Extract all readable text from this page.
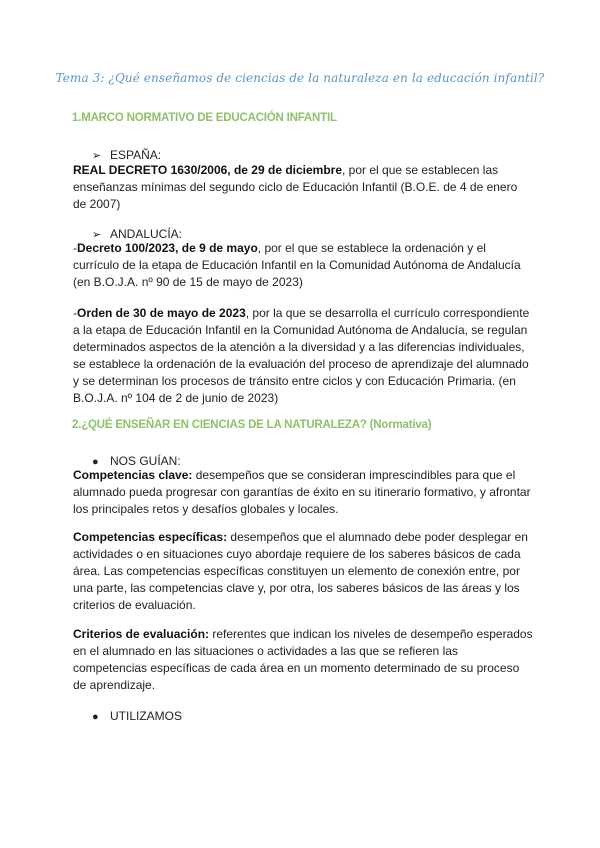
Tema 3: ¿Qué enseñamos de ciencias de la naturaleza en la educación infantil?
1.MARCO NORMATIVO DE EDUCACIÓN INFANTIL
➢ ESPAÑA:
REAL DECRETO 1630/2006, de 29 de diciembre, por el que se establecen las enseñanzas mínimas del segundo ciclo de Educación Infantil (B.O.E. de 4 de enero de 2007)
➢ ANDALUCÍA:
-Decreto 100/2023, de 9 de mayo, por el que se establece la ordenación y el currículo de la etapa de Educación Infantil en la Comunidad Autónoma de Andalucía (en B.O.J.A. nº 90 de 15 de mayo de 2023)
-Orden de 30 de mayo de 2023, por la que se desarrolla el currículo correspondiente a la etapa de Educación Infantil en la Comunidad Autónoma de Andalucía, se regulan determinados aspectos de la atención a la diversidad y a las diferencias individuales, se establece la ordenación de la evaluación del proceso de aprendizaje del alumnado y se determinan los procesos de tránsito entre ciclos y con Educación Primaria. (en B.O.J.A. nº 104 de 2 de junio de 2023)
2.¿QUÉ ENSEÑAR EN CIENCIAS DE LA NATURALEZA? (Normativa)
● NOS GUÍAN:
Competencias clave: desempeños que se consideran imprescindibles para que el alumnado pueda progresar con garantías de éxito en su itinerario formativo, y afrontar los principales retos y desafíos globales y locales.
Competencias específicas: desempeños que el alumnado debe poder desplegar en actividades o en situaciones cuyo abordaje requiere de los saberes básicos de cada área. Las competencias específicas constituyen un elemento de conexión entre, por una parte, las competencias clave y, por otra, los saberes básicos de las áreas y los criterios de evaluación.
Criterios de evaluación: referentes que indican los niveles de desempeño esperados en el alumnado en las situaciones o actividades a las que se refieren las competencias específicas de cada área en un momento determinado de su proceso de aprendizaje.
● UTILIZAMOS
